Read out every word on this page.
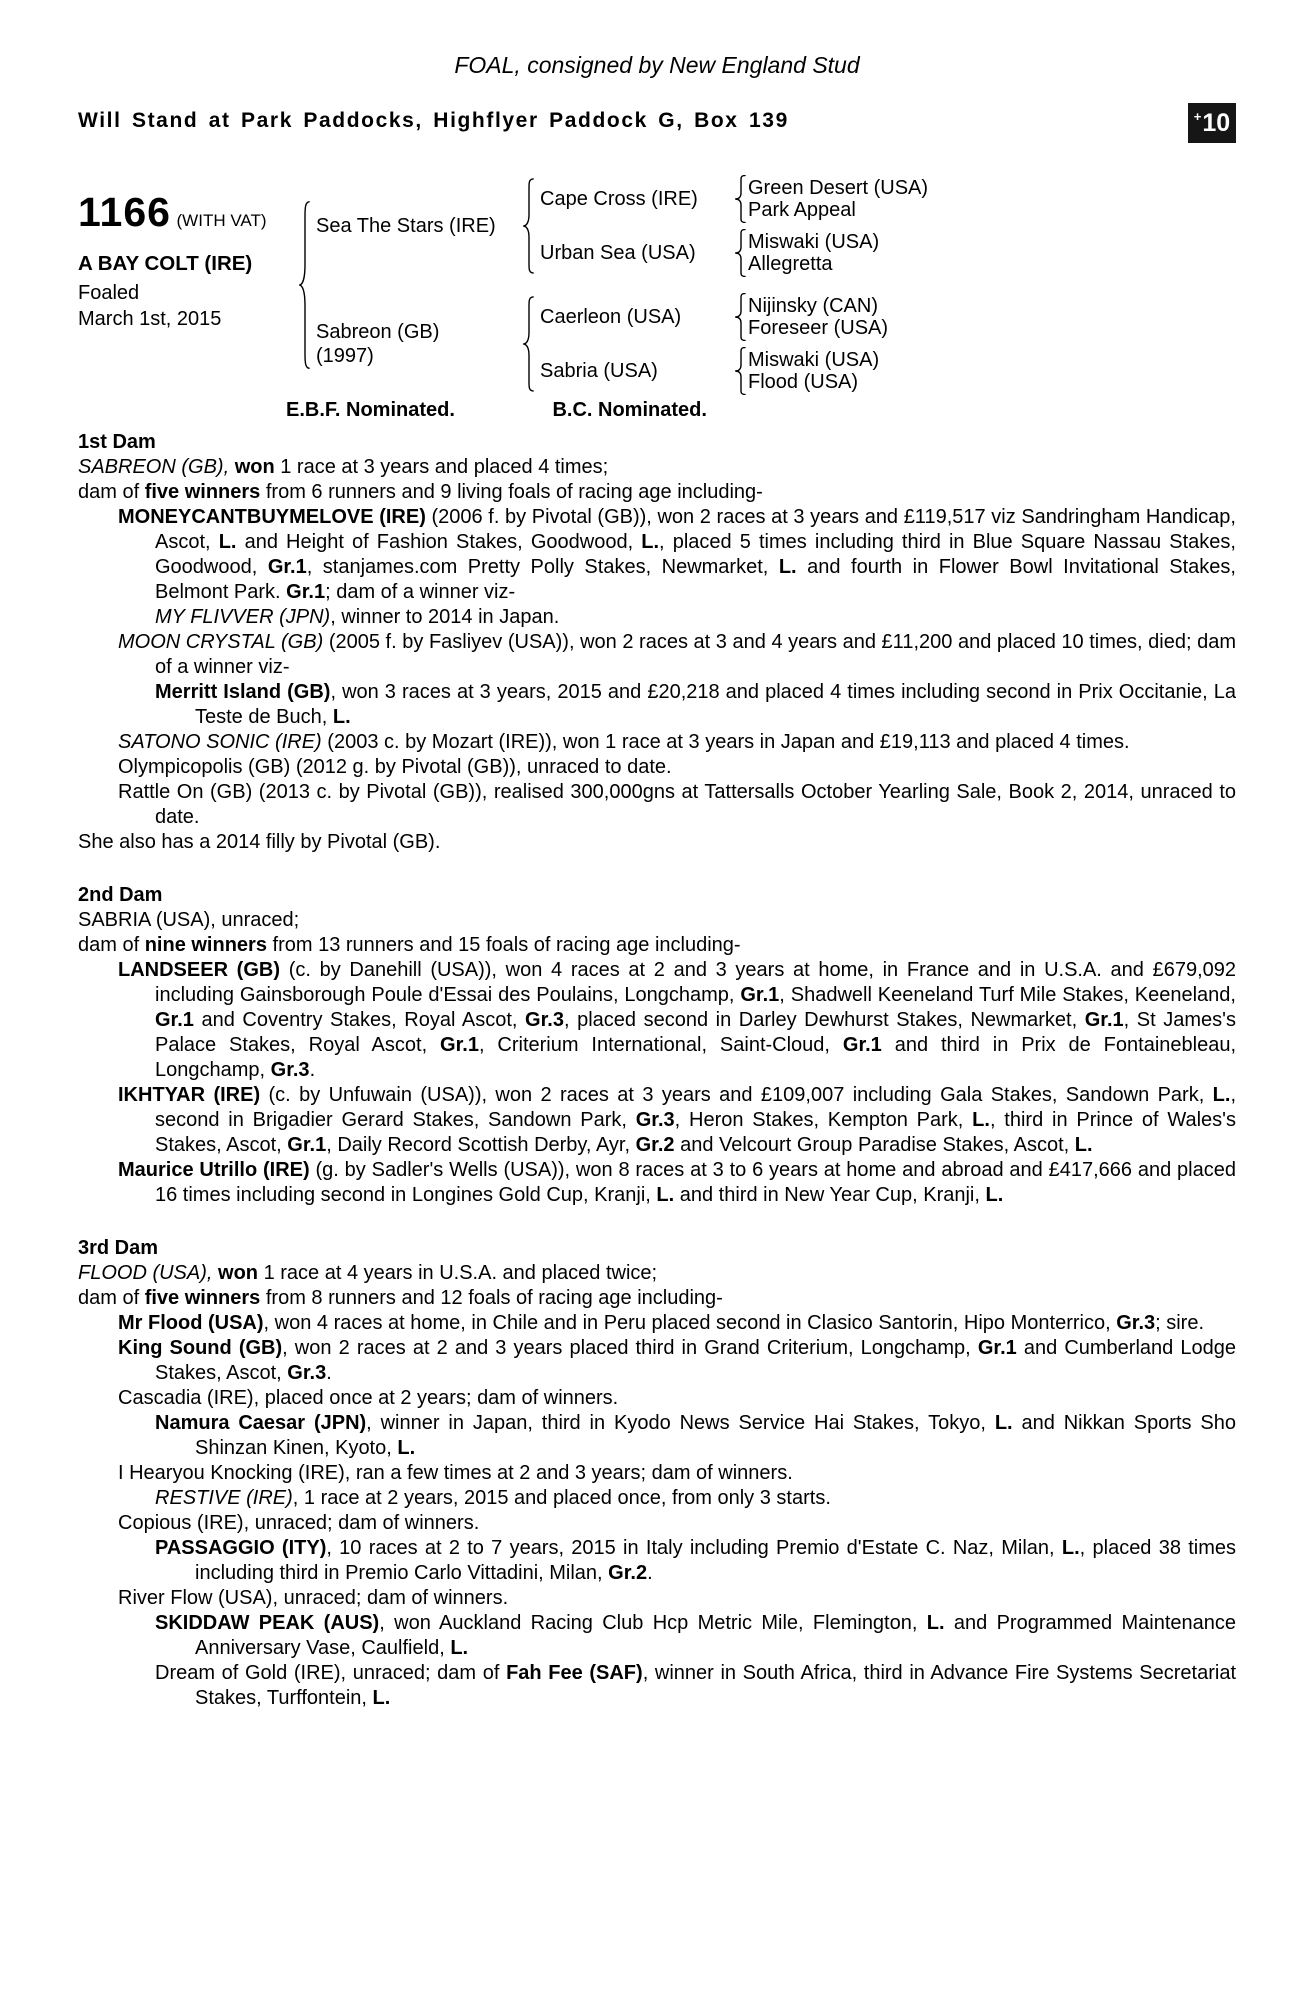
FOAL, consigned by New England Stud
Will Stand at Park Paddocks, Highflyer Paddock G, Box 139	+ 10
1166 (WITH VAT)
A BAY COLT (IRE)
Foaled
March 1st, 2015
Sea The Stars (IRE)
Cape Cross (IRE)	Green Desert (USA)
Park Appeal
Urban Sea (USA)	Miswaki (USA)
Allegretta
Sabreon (GB)
(1997)
Caerleon (USA)	Nijinsky (CAN)
Foreseer (USA)
Sabria (USA)	Miswaki (USA)
Flood (USA)
E.B.F. Nominated.	B.C. Nominated.
1st Dam

SABREON (GB), won 1 race at 3 years and placed 4 times;

dam of five winners from 6 runners and 9 living foals of racing age including-

MONEYCANTBUYMELOVE (IRE) (2006 f. by Pivotal (GB)), won 2 races at 3 years and £119,517 viz Sandringham Handicap, Ascot, L. and Height of Fashion Stakes, Goodwood, L., placed 5 times including third in Blue Square Nassau Stakes, Goodwood, Gr.1, stanjames.com Pretty Polly Stakes, Newmarket, L. and fourth in Flower Bowl Invitational Stakes, Belmont Park. Gr.1; dam of a winner viz-

MY FLIVVER (JPN), winner to 2014 in Japan.

MOON CRYSTAL (GB) (2005 f. by Fasliyev (USA)), won 2 races at 3 and 4 years and £11,200 and placed 10 times, died; dam of a winner viz-

Merritt Island (GB), won 3 races at 3 years, 2015 and £20,218 and placed 4 times including second in Prix Occitanie, La Teste de Buch, L.

SATONO SONIC (IRE) (2003 c. by Mozart (IRE)), won 1 race at 3 years in Japan and £19,113 and placed 4 times.

Olympicopolis (GB) (2012 g. by Pivotal (GB)), unraced to date.

Rattle On (GB) (2013 c. by Pivotal (GB)), realised 300,000gns at Tattersalls October Yearling Sale, Book 2, 2014, unraced to date.

She also has a 2014 filly by Pivotal (GB).

2nd Dam

SABRIA (USA), unraced;

dam of nine winners from 13 runners and 15 foals of racing age including-

LANDSEER (GB) (c. by Danehill (USA)), won 4 races at 2 and 3 years at home, in France and in U.S.A. and £679,092 including Gainsborough Poule d'Essai des Poulains, Longchamp, Gr.1, Shadwell Keeneland Turf Mile Stakes, Keeneland, Gr.1 and Coventry Stakes, Royal Ascot, Gr.3, placed second in Darley Dewhurst Stakes, Newmarket, Gr.1, St James's Palace Stakes, Royal Ascot, Gr.1, Criterium International, Saint-Cloud, Gr.1 and third in Prix de Fontainebleau, Longchamp, Gr.3.

IKHTYAR (IRE) (c. by Unfuwain (USA)), won 2 races at 3 years and £109,007 including Gala Stakes, Sandown Park, L., second in Brigadier Gerard Stakes, Sandown Park, Gr.3, Heron Stakes, Kempton Park, L., third in Prince of Wales's Stakes, Ascot, Gr.1, Daily Record Scottish Derby, Ayr, Gr.2 and Velcourt Group Paradise Stakes, Ascot, L.

Maurice Utrillo (IRE) (g. by Sadler's Wells (USA)), won 8 races at 3 to 6 years at home and abroad and £417,666 and placed 16 times including second in Longines Gold Cup, Kranji, L. and third in New Year Cup, Kranji, L.

3rd Dam

FLOOD (USA), won 1 race at 4 years in U.S.A. and placed twice;

dam of five winners from 8 runners and 12 foals of racing age including-

Mr Flood (USA), won 4 races at home, in Chile and in Peru placed second in Clasico Santorin, Hipo Monterrico, Gr.3; sire.

King Sound (GB), won 2 races at 2 and 3 years placed third in Grand Criterium, Longchamp, Gr.1 and Cumberland Lodge Stakes, Ascot, Gr.3.

Cascadia (IRE), placed once at 2 years; dam of winners.

Namura Caesar (JPN), winner in Japan, third in Kyodo News Service Hai Stakes, Tokyo, L. and Nikkan Sports Sho Shinzan Kinen, Kyoto, L.

I Hearyou Knocking (IRE), ran a few times at 2 and 3 years; dam of winners.

RESTIVE (IRE), 1 race at 2 years, 2015 and placed once, from only 3 starts.

Copious (IRE), unraced; dam of winners.

PASSAGGIO (ITY), 10 races at 2 to 7 years, 2015 in Italy including Premio d'Estate C. Naz, Milan, L., placed 38 times including third in Premio Carlo Vittadini, Milan, Gr.2.

River Flow (USA), unraced; dam of winners.

SKIDDAW PEAK (AUS), won Auckland Racing Club Hcp Metric Mile, Flemington, L. and Programmed Maintenance Anniversary Vase, Caulfield, L.

Dream of Gold (IRE), unraced; dam of Fah Fee (SAF), winner in South Africa, third in Advance Fire Systems Secretariat Stakes, Turffontein, L.
